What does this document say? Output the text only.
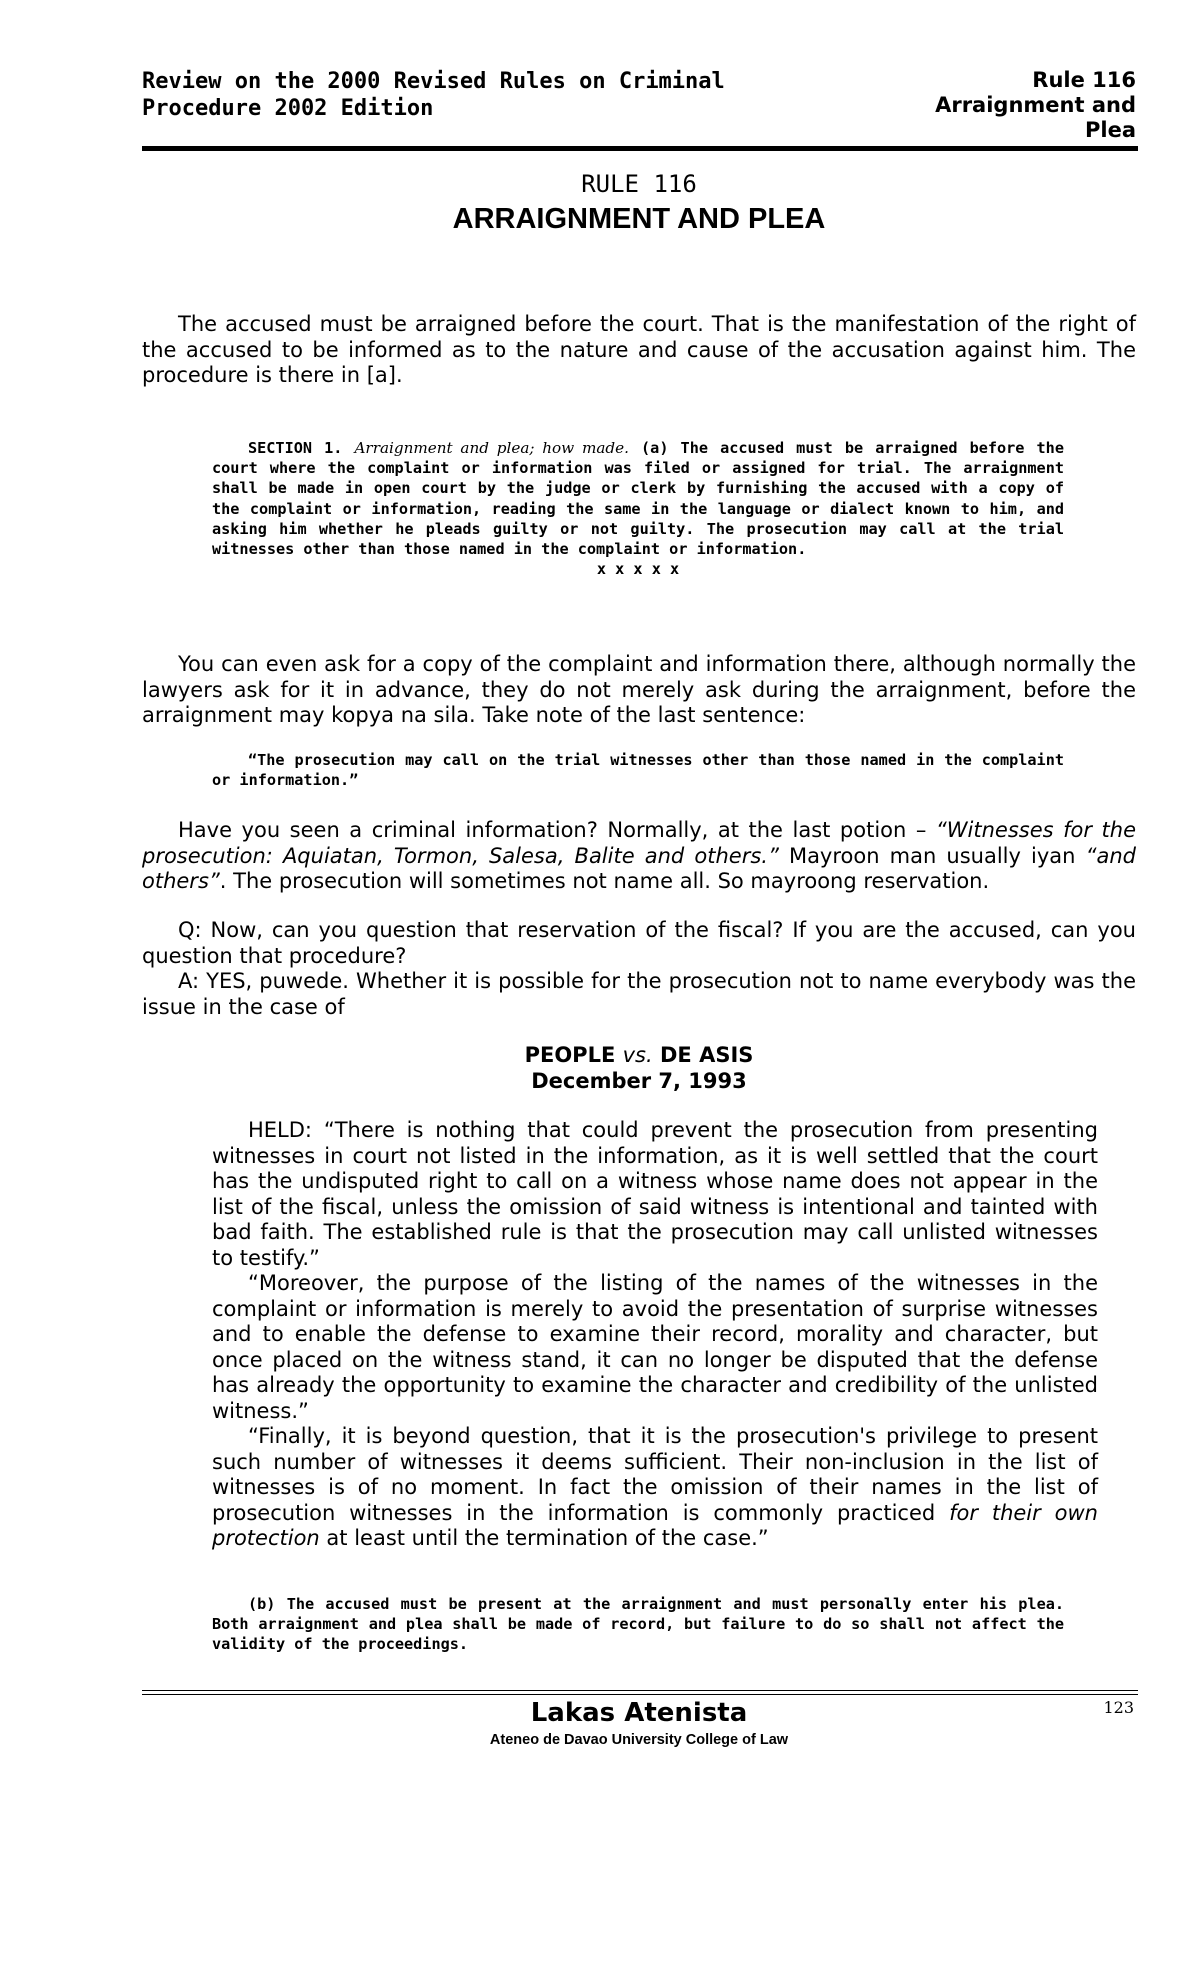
Review on the 2000 Revised Rules on Criminal
Procedure 2002 Edition
Rule 116
Arraignment and
Plea
RULE 116
ARRAIGNMENT AND PLEA

The accused must be arraigned before the court. That is the manifestation of the right of the accused to be informed as to the nature and cause of the accusation against him. The procedure is there in [a].

SECTION 1. Arraignment and plea; how made. (a) The accused must be arraigned before the court where the complaint or information was filed or assigned for trial. The arraignment shall be made in open court by the judge or clerk by furnishing the accused with a copy of the complaint or information, reading the same in the language or dialect known to him, and asking him whether he pleads guilty or not guilty. The prosecution may call at the trial witnesses other than those named in the complaint or information.

x x x x x

You can even ask for a copy of the complaint and information there, although normally the lawyers ask for it in advance, they do not merely ask during the arraignment, before the arraignment may kopya na sila. Take note of the last sentence:

“The prosecution may call on the trial witnesses other than those named in the complaint or information.”

Have you seen a criminal information? Normally, at the last potion – “Witnesses for the prosecution: Aquiatan, Tormon, Salesa, Balite and others.” Mayroon man usually iyan “and others”. The prosecution will sometimes not name all. So mayroong reservation.

Q: Now, can you question that reservation of the fiscal? If you are the accused, can you question that procedure?

A: YES, puwede. Whether it is possible for the prosecution not to name everybody was the issue in the case of

PEOPLE vs. DE ASIS
December 7, 1993

HELD: “There is nothing that could prevent the prosecution from presenting witnesses in court not listed in the information, as it is well settled that the court has the undisputed right to call on a witness whose name does not appear in the list of the fiscal, unless the omission of said witness is intentional and tainted with bad faith. The established rule is that the prosecution may call unlisted witnesses to testify.”

“Moreover, the purpose of the listing of the names of the witnesses in the complaint or information is merely to avoid the presentation of surprise witnesses and to enable the defense to examine their record, morality and character, but once placed on the witness stand, it can no longer be disputed that the defense has already the opportunity to examine the character and credibility of the unlisted witness.”

“Finally, it is beyond question, that it is the prosecution's privilege to present such number of witnesses it deems sufficient. Their non-inclusion in the list of witnesses is of no moment. In fact the omission of their names in the list of prosecution witnesses in the information is commonly practiced for their own protection at least until the termination of the case.”

(b) The accused must be present at the arraignment and must personally enter his plea. Both arraignment and plea shall be made of record, but failure to do so shall not affect the validity of the proceedings.

Lakas Atenista
Ateneo de Davao University College of Law
123
